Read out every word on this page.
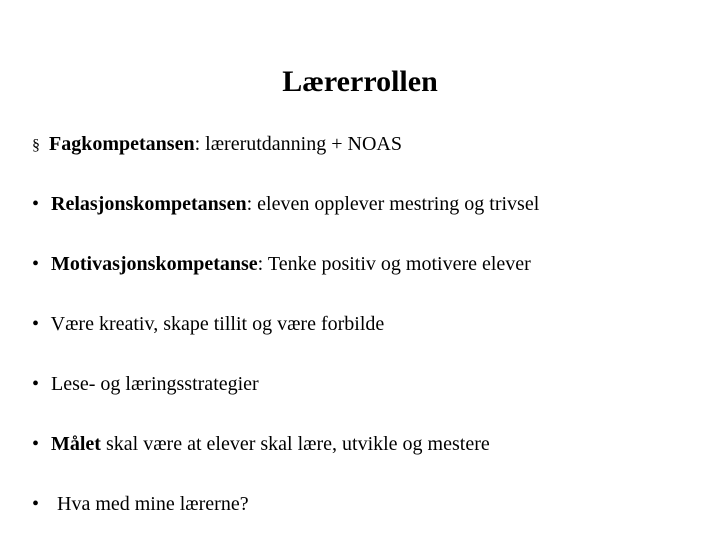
Lærerrollen

§ Fagkompetansen: lærerutdanning + NOAS

• Relasjonskompetansen: eleven opplever mestring og trivsel

• Motivasjonskompetanse: Tenke positiv og motivere elever

• Være kreativ, skape tillit og være forbilde

• Lese- og læringsstrategier

• Målet skal være at elever skal lære, utvikle og mestere

• Hva med mine lærerne?
